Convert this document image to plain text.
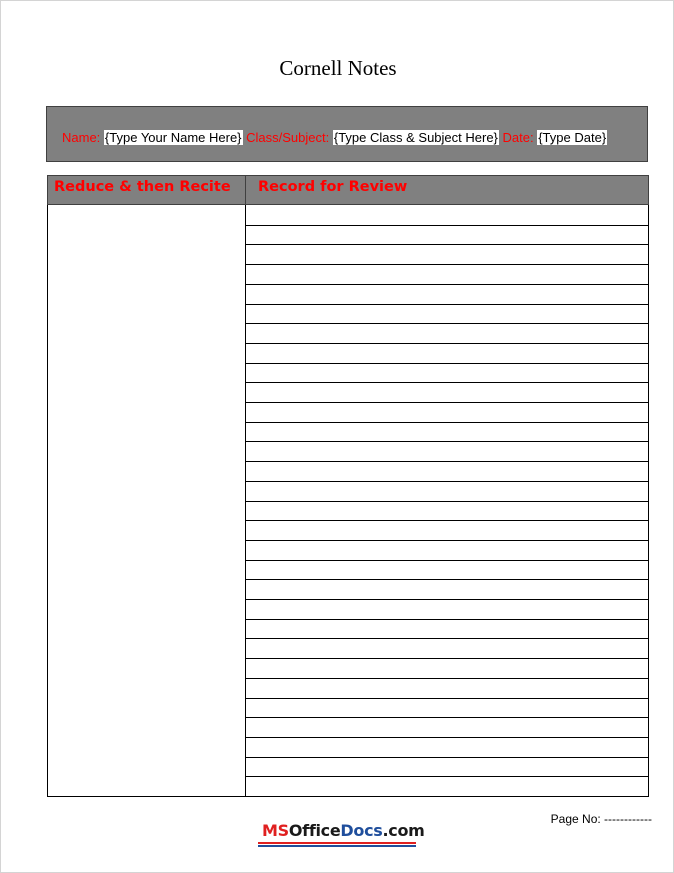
Cornell Notes
Name: {Type Your Name Here} Class/Subject: {Type Class & Subject Here} Date: {Type Date}
Reduce & then Recite Record for Review
Page No: ------------
MSOfficeDocs.com
